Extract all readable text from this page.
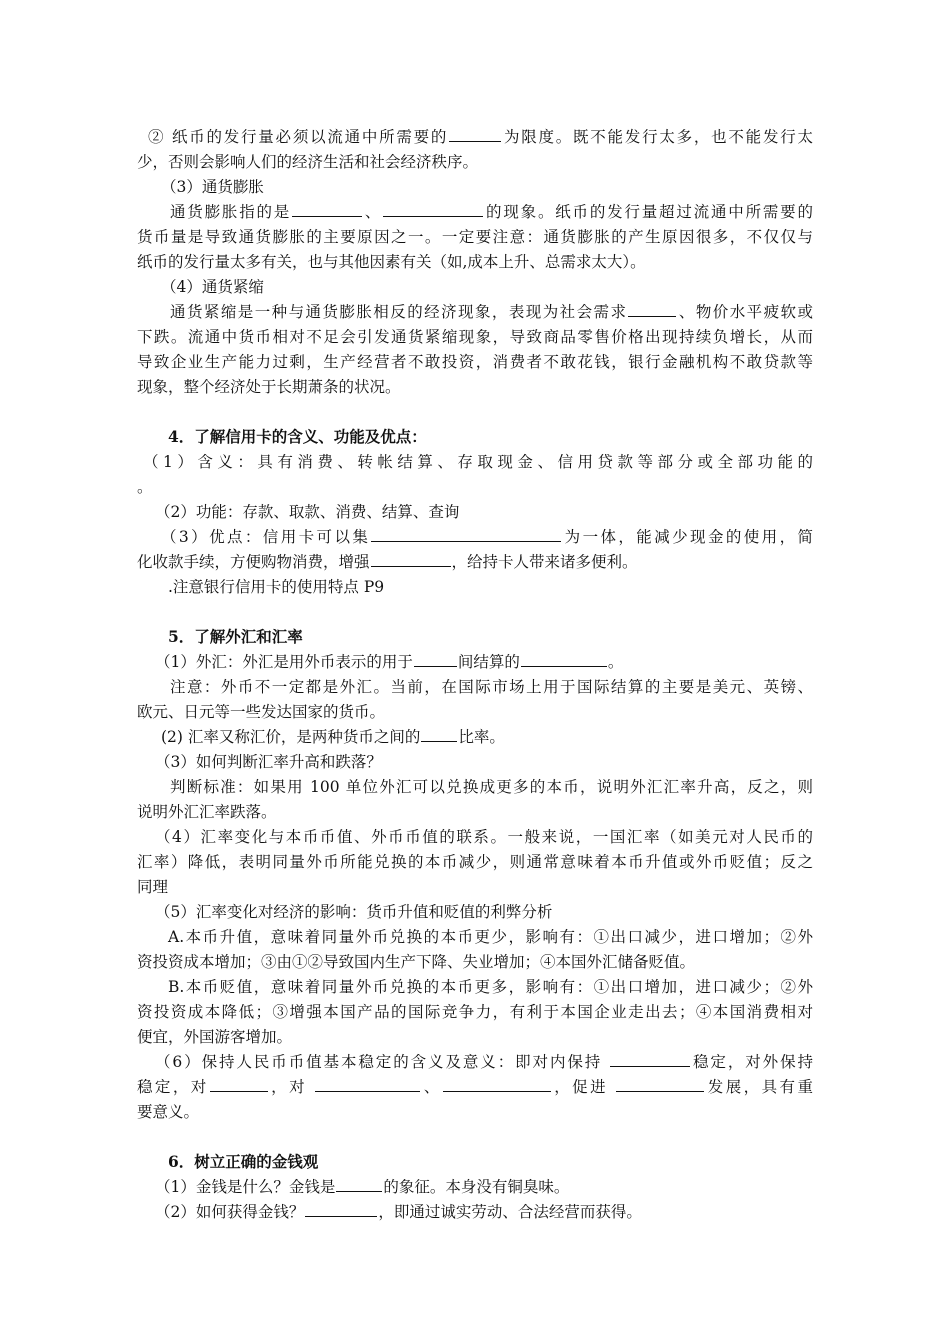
② 纸币的发行量必须以流通中所需要的	为限度。既不能发行太多，也不能发行太
少，否则会影响人们的经济生活和社会经济秩序。
（3）通货膨胀
通货膨胀指的是	、	的现象。纸币的发行量超过流通中所需要的
货币量是导致通货膨胀的主要原因之一。一定要注意：通货膨胀的产生原因很多，不仅仅与
纸币的发行量太多有关，也与其他因素有关（如,成本上升、总需求太大）。
（4）通货紧缩
通货紧缩是一种与通货膨胀相反的经济现象，表现为社会需求	、物价水平疲软或
下跌。流通中货币相对不足会引发通货紧缩现象，导致商品零售价格出现持续负增长，从而
导致企业生产能力过剩，生产经营者不敢投资，消费者不敢花钱，银行金融机构不敢贷款等
现象，整个经济处于长期萧条的状况。
4．了解信用卡的含义、功能及优点：
（1）含义：具有消费、转帐结算、存取现金、信用贷款等部分或全部功能的
。
（2）功能：存款、取款、消费、结算、查询
（3）优点：信用卡可以集	为一体，能减少现金的使用，简
化收款手续，方便购物消费，增强	，给持卡人带来诸多便利。
.注意银行信用卡的使用特点 P9
5．了解外汇和汇率
（1）外汇：外汇是用外币表示的用于	间结算的	。
注意：外币不一定都是外汇。当前，在国际市场上用于国际结算的主要是美元、英镑、
欧元、日元等一些发达国家的货币。
(2) 汇率又称汇价，是两种货币之间的 比率。
（3）如何判断汇率升高和跌落？
判断标准：如果用 100 单位外汇可以兑换成更多的本币，说明外汇汇率升高，反之，则
说明外汇汇率跌落。
（4）汇率变化与本币币值、外币币值的联系。一般来说，一国汇率（如美元对人民币的
汇率）降低，表明同量外币所能兑换的本币减少，则通常意味着本币升值或外币贬值；反之
同理
（5）汇率变化对经济的影响：货币升值和贬值的利弊分析
A.本币升值，意味着同量外币兑换的本币更少，影响有：①出口减少，进口增加；②外
资投资成本增加；③由①②导致国内生产下降、失业增加；④本国外汇储备贬值。
B.本币贬值，意味着同量外币兑换的本币更多，影响有：①出口增加，进口减少；②外
资投资成本降低；③增强本国产品的国际竞争力，有利于本国企业走出去；④本国消费相对
便宜，外国游客增加。
（6）保持人民币币值基本稳定的含义及意义：即对内保持	稳定，对外保持
稳定，对	，对	、	，促进	发展，具有重
要意义。
6．树立正确的金钱观
（1）金钱是什么？金钱是	的象征。本身没有铜臭味。
（2）如何获得金钱？	，即通过诚实劳动、合法经营而获得。
